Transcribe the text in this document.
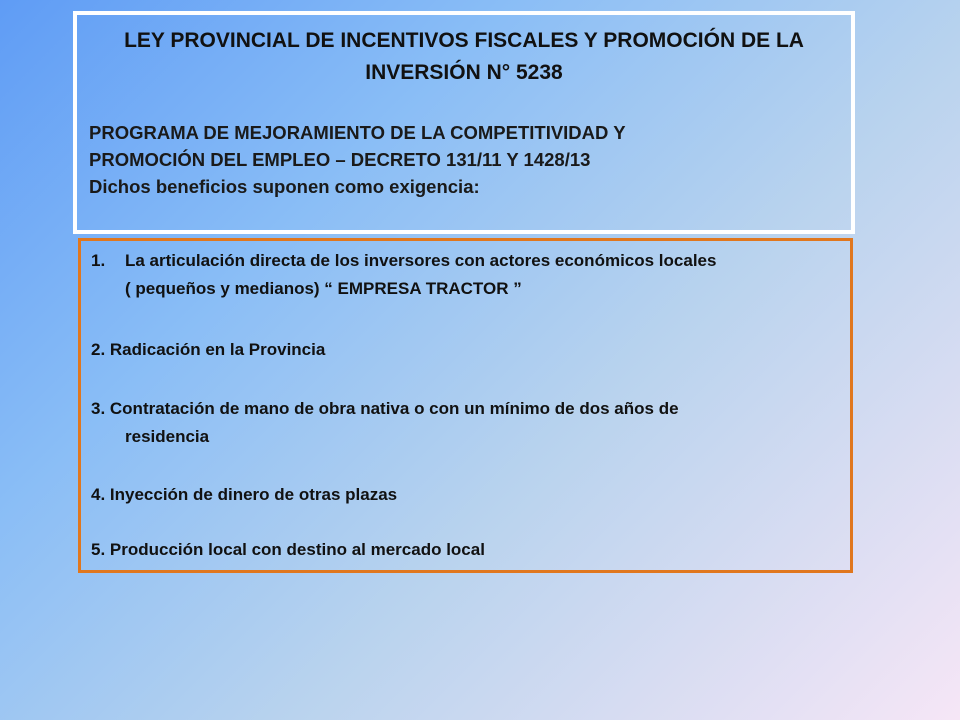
LEY PROVINCIAL DE INCENTIVOS FISCALES Y PROMOCIÓN DE LA
INVERSIÓN N° 5238
PROGRAMA DE MEJORAMIENTO DE LA COMPETITIVIDAD Y
PROMOCIÓN DEL EMPLEO – DECRETO 131/11 Y 1428/13
Dichos beneficios suponen como exigencia:
1. La articulación directa de los inversores con actores económicos locales
( pequeños y medianos) “ EMPRESA TRACTOR ”
2. Radicación en la Provincia
3. Contratación de mano de obra nativa o con un mínimo de dos años de
residencia
4. Inyección de dinero de otras plazas
5. Producción local con destino al mercado local
